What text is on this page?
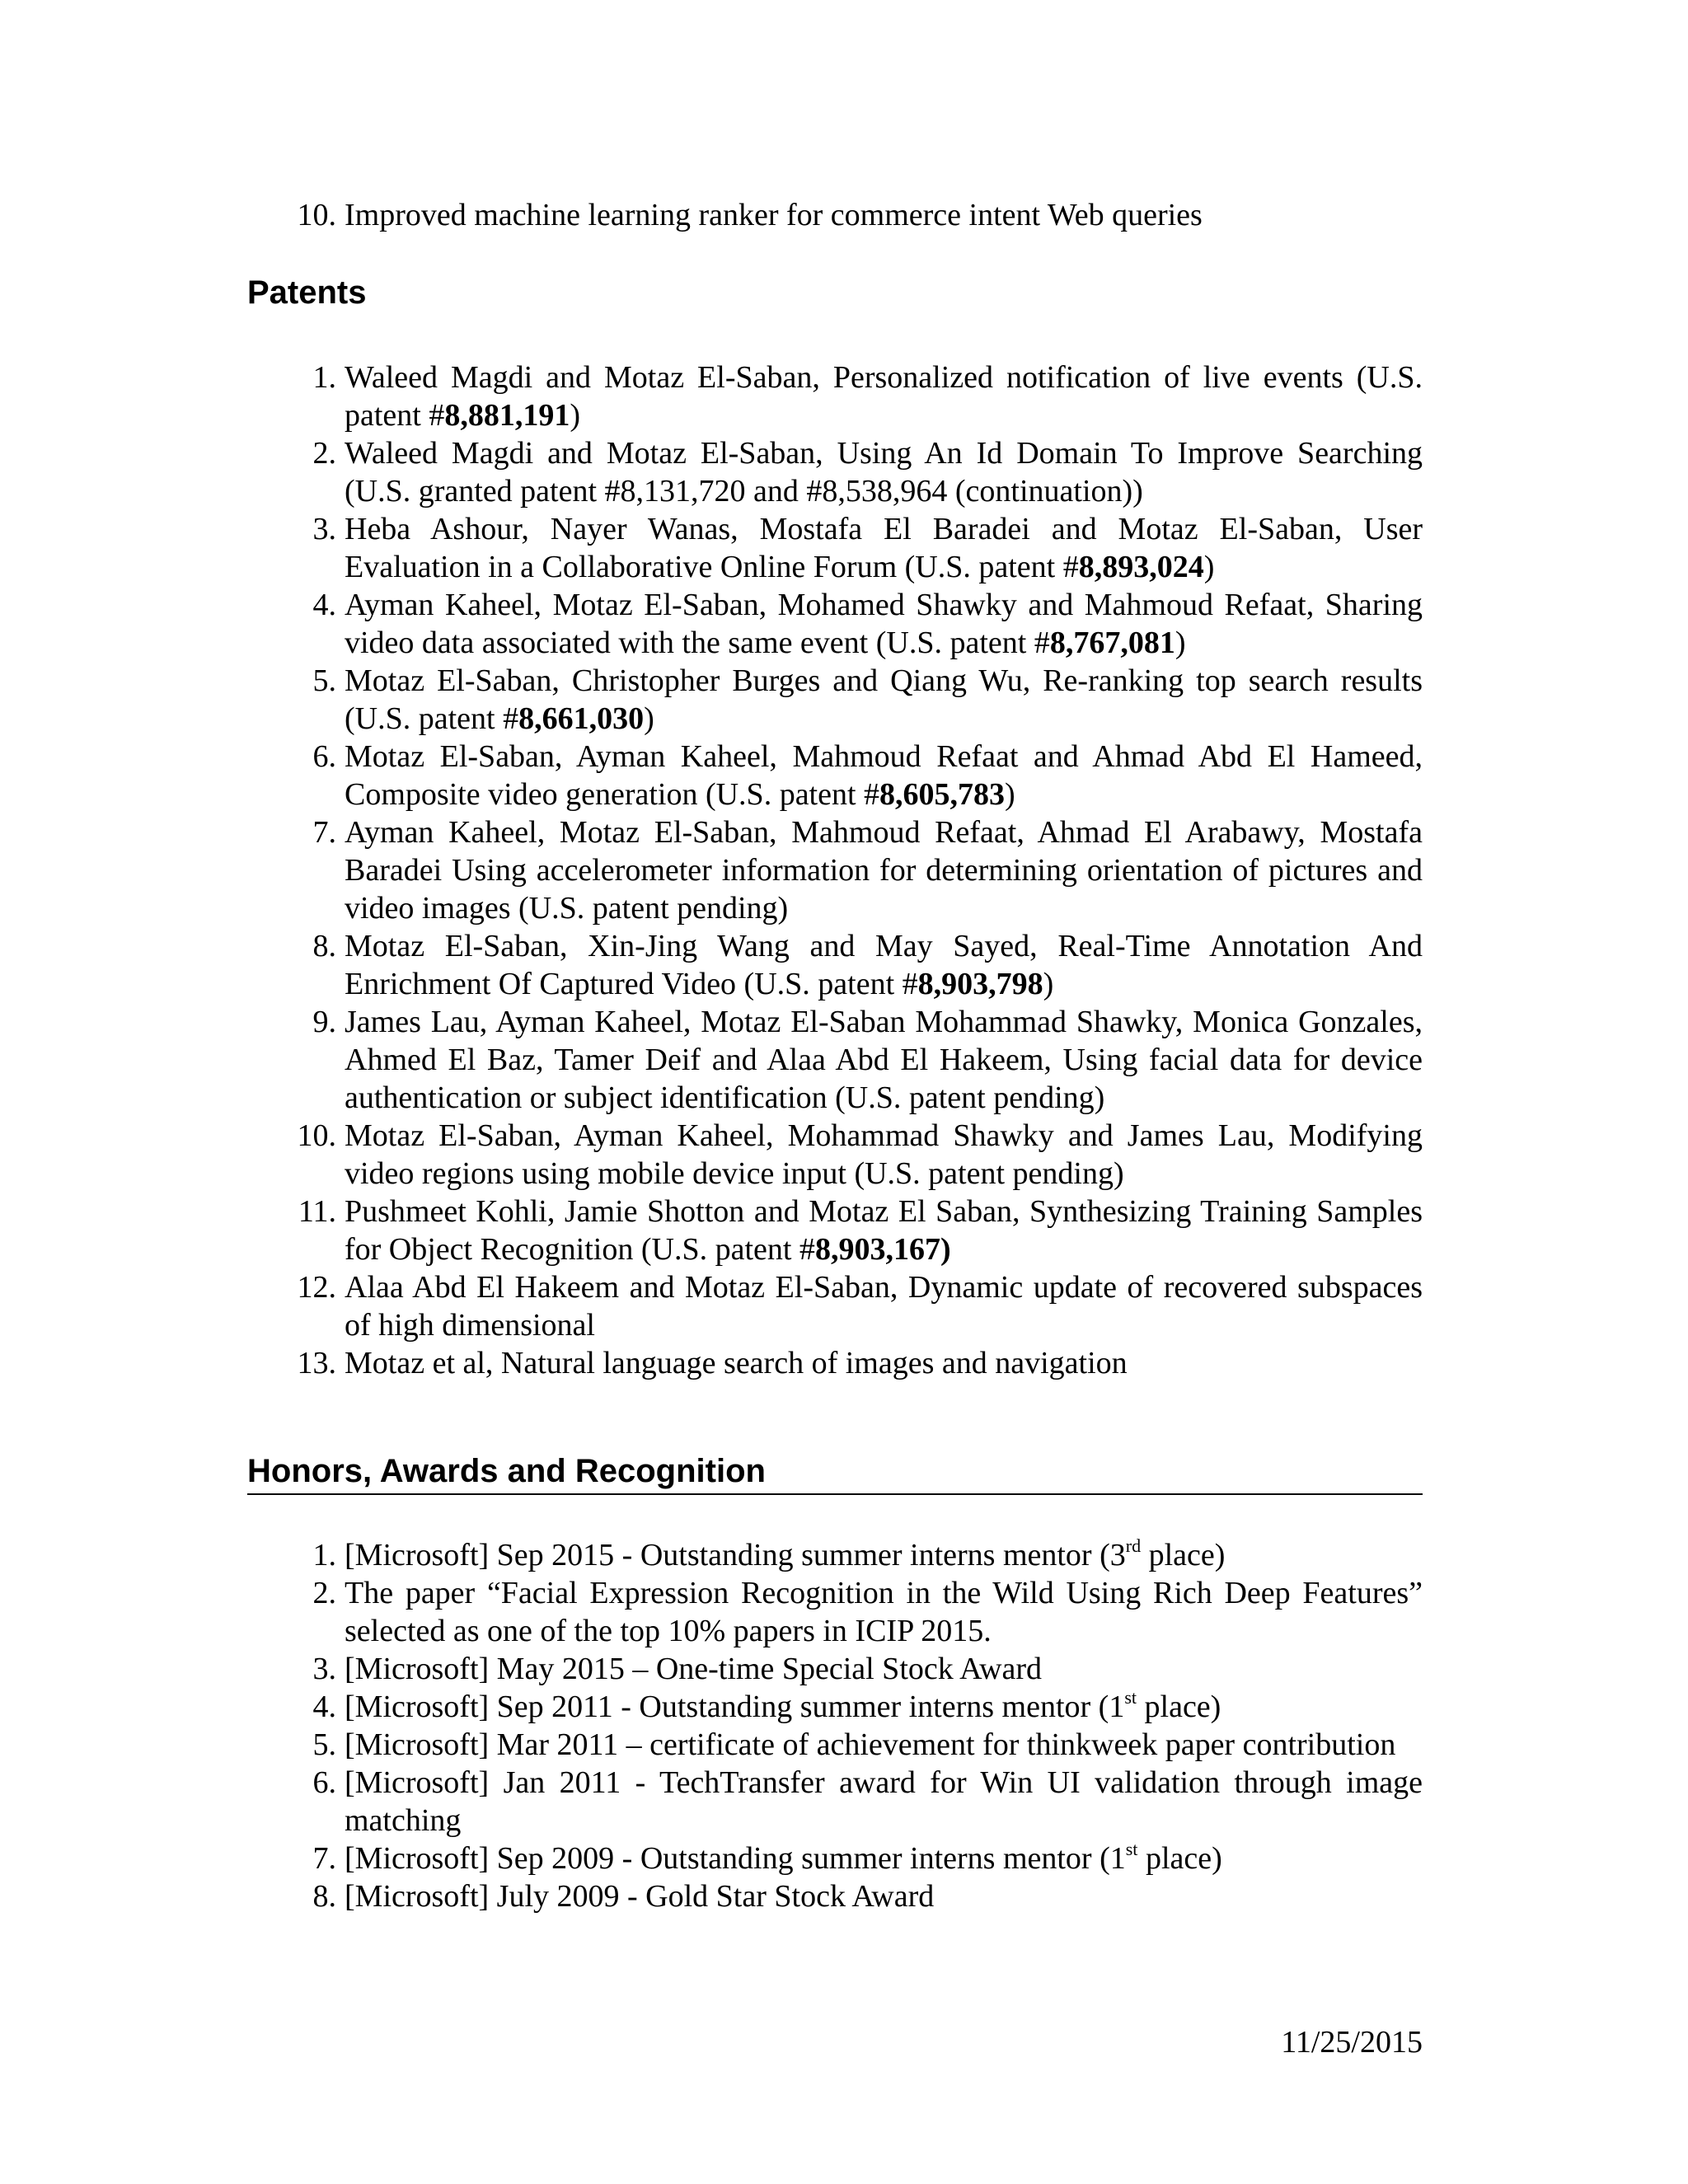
10 . Improved machine learning ranker for commerce intent Web queries
Patents
1 . Waleed Magdi and Motaz El-Saban, Personalized notification of live events (U.S. patent #8,881,191)
2 . Waleed Magdi and Motaz El-Saban, Using An Id Domain To Improve Searching (U.S. granted patent #8,131,720 and #8,538,964 (continuation))
3 . Heba Ashour, Nayer Wanas, Mostafa El Baradei and Motaz El-Saban, User Evaluation in a Collaborative Online Forum (U.S. patent #8,893,024)
4 . Ayman Kaheel, Motaz El-Saban, Mohamed Shawky and Mahmoud Refaat, Sharing video data associated with the same event (U.S. patent #8,767,081)
5 . Motaz El-Saban, Christopher Burges and Qiang Wu, Re-ranking top search results (U.S. patent #8,661,030)
6 . Motaz El-Saban, Ayman Kaheel, Mahmoud Refaat and Ahmad Abd El Hameed, Composite video generation (U.S. patent #8,605,783)
7 . Ayman Kaheel, Motaz El-Saban, Mahmoud Refaat, Ahmad El Arabawy, Mostafa Baradei Using accelerometer information for determining orientation of pictures and video images (U.S. patent pending)
8 . Motaz El-Saban, Xin-Jing Wang and May Sayed, Real-Time Annotation And Enrichment Of Captured Video (U.S. patent #8,903,798)
9 . James Lau, Ayman Kaheel, Motaz El-Saban Mohammad Shawky, Monica Gonzales, Ahmed El Baz, Tamer Deif and Alaa Abd El Hakeem, Using facial data for device authentication or subject identification (U.S. patent pending)
10 . Motaz El-Saban, Ayman Kaheel, Mohammad Shawky and James Lau, Modifying video regions using mobile device input (U.S. patent pending)
11 . Pushmeet Kohli, Jamie Shotton and Motaz El Saban, Synthesizing Training Samples for Object Recognition (U.S. patent #8,903,167)
12 . Alaa Abd El Hakeem and Motaz El-Saban, Dynamic update of recovered subspaces of high dimensional
13 . Motaz et al, Natural language search of images and navigation
Honors, Awards and Recognition
1 . [Microsoft] Sep 2015 - Outstanding summer interns mentor (3rd place)
2 . The paper “Facial Expression Recognition in the Wild Using Rich Deep Features” selected as one of the top 10% papers in ICIP 2015.
3 . [Microsoft] May 2015 – One-time Special Stock Award
4 . [Microsoft] Sep 2011 - Outstanding summer interns mentor (1st place)
5 . [Microsoft] Mar 2011 – certificate of achievement for thinkweek paper contribution
6 . [Microsoft] Jan 2011 - TechTransfer award for Win UI validation through image matching
7 . [Microsoft] Sep 2009 - Outstanding summer interns mentor (1st place)
8 . [Microsoft] July 2009 - Gold Star Stock Award
11/25/2015
